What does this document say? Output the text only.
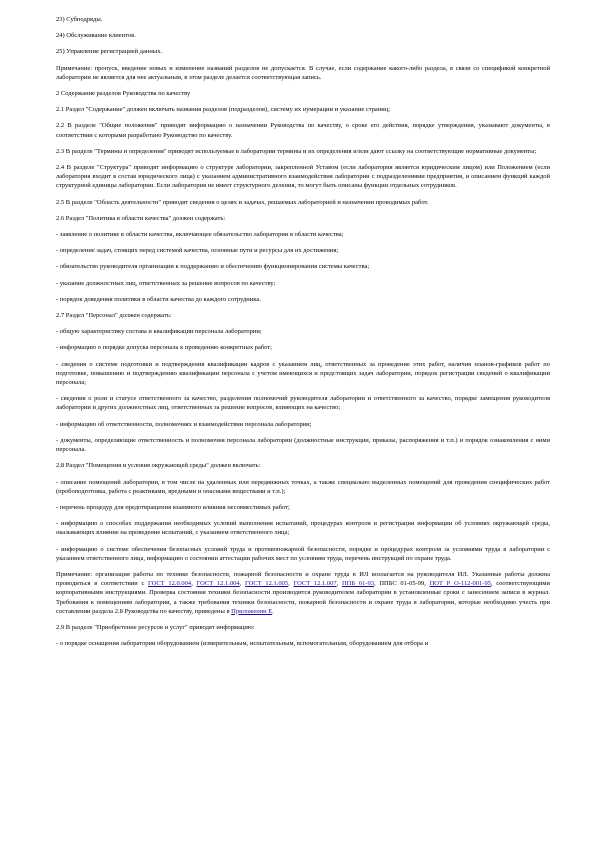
23) Субподряды.
24) Обслуживание клиентов.
25) Управление регистрацией данных.

Примечание: пропуск, введение новых и изменение названий разделов не допускается. В случае, если содержание какого-либо раздела, в связи со спецификой конкретной лаборатории не является для нее актуальным, в этом разделе делается соответствующая запись.

2 Содержание разделов Руководства по качеству

2.1 Раздел "Содержание" должен включать названия разделов (подразделов), систему их нумерации и указание страниц;

2.2 В разделе "Общие положения" приводят информацию о назначении Руководства по качеству, о сроке его действия, порядке утверждения, указывают документы, в соответствии с которыми разработано Руководство по качеству.

2.3 В разделе "Термины и определения" приводят используемые в лаборатории термины и их определения и/или дают ссылку на соответствующие нормативные документы;

2.4 В разделе "Структура" приводят информацию о структуре лаборатории, закрепленной Уставом (если лаборатория является юридическим лицом) или Положением (если лаборатория входит в состав юридического лица) с указанием административного взаимодействия лаборатории с подразделениями предприятия, и описанием функций каждой структурной единицы лаборатории. Если лаборатория не имеет структурного деления, то могут быть описаны функции отдельных сотрудников.

2.5 В разделе "Область деятельности" приводят сведения о целях и задачах, решаемых лабораторией и назначении проводимых работ.

2.6 Раздел "Политика в области качества" должен содержать:

- заявление о политике в области качества, включающее обязательство лаборатории в области качества;

- определение задач, стоящих перед системой качества, основные пути и ресурсы для их достижения;

- обязательство руководителя организации к поддержанию и обеспечению функционирования системы качества;

- указание должностных лиц, ответственных за решение вопросов по качеству;

- порядок доведения политики в области качества до каждого сотрудника.

2.7 Раздел "Персонал" должен содержать:

- общую характеристику состава и квалификации персонала лаборатории;

- информацию о порядке допуска персонала к проведению конкретных работ;

- сведения о системе подготовки и подтверждения квалификации кадров с указанием лиц, ответственных за проведение этих работ, наличия планов-графиков работ по подготовке, повышению и подтверждению квалификации персонала с учетом имеющихся и предстоящих задач лаборатории, порядок регистрации сведений о квалификации персонала;

- сведения о роли и статусе ответственного за качество, разделения полномочий руководителя лаборатории и ответственного за качество, порядке замещения руководителя лаборатории и других должностных лиц, ответственных за решение вопросов, влияющих на качество;

- информацию об ответственности, полномочиях и взаимодействии персонала лаборатории;

- документы, определяющие ответственность и полномочия персонала лаборатории (должностные инструкции, приказы, распоряжения и т.п.) и порядок ознакомления с ними персонала.

2.8 Раздел "Помещения и условия окружающей среды" должен включать:

- описание помещений лаборатории, в том числе на удаленных или передвижных точках, а также специально выделенных помещений для проведения специфических работ (пробоподготовка, работа с реактивами, вредными и опасными веществами и т.п.);

- перечень процедур для предотвращения взаимного влияния несовместимых работ;

- информацию о способах поддержания необходимых условий выполнения испытаний, процедурах контроля и регистрации информации об условиях окружающей среды, оказывающих влияние на проведение испытаний, с указанием ответственного лица;

- информацию о системе обеспечения безопасных условий труда и противопожарной безопасности, порядке и процедурах контроля за условиями труда в лаборатории с указанием ответственного лица, информацию о состоянии аттестации рабочих мест по условиям труда, перечень инструкций по охране труда.

Примечание: организация работы по технике безопасности, пожарной безопасности и охране труда в ИЛ возлагается на руководителя ИЛ. Указанные работы должны проводиться в соответствии с ГОСТ 12.0.004, ГОСТ 12.1.004, ГОСТ 12.1.005, ГОСТ 12.1.007, ППБ 01-93, ППБС 01-05-99, ПОТ Р О-112-001-95, соответствующими корпоративными инструкциями. Проверка состояния техники безопасности производится руководителем лаборатории в установленные сроки с занесением записи в журнал. Требования к помещениям лаборатории, а также требования техники безопасности, пожарной безопасности и охране труда в лаборатории, которые необходимо учесть при составлении раздела 2.8 Руководства по качеству, приведены в Приложении Е.

2.9 В разделе "Приобретение ресурсов и услуг" приводят информацию:

- о порядке оснащения лаборатории оборудованием (измерительным, испытательным, вспомогательным, оборудованием для отбора и
